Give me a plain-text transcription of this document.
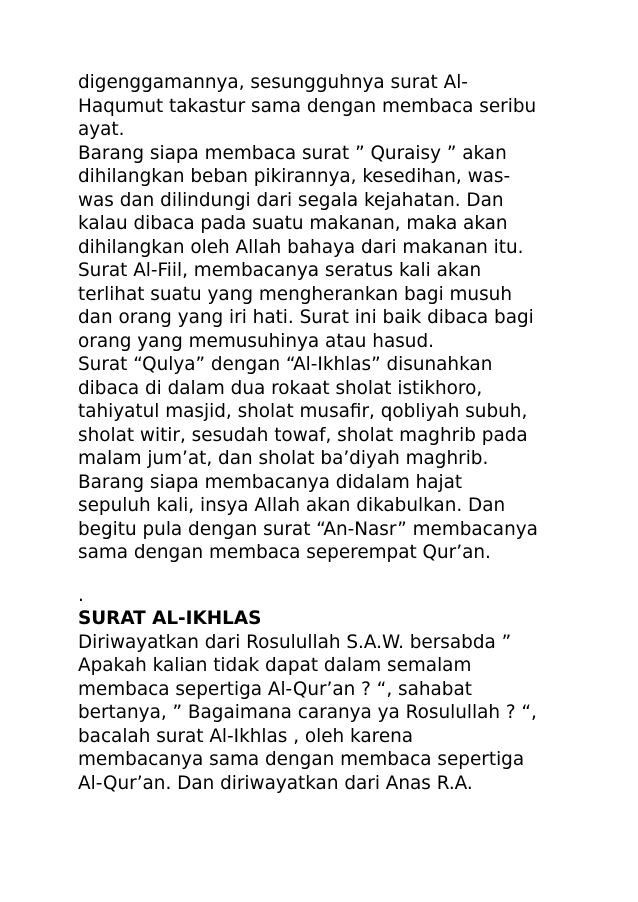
digenggamannya, sesungguhnya surat Al-
Haqumut takastur sama dengan membaca seribu
ayat.
Barang siapa membaca surat ” Quraisy ” akan
dihilangkan beban pikirannya, kesedihan, was-
was dan dilindungi dari segala kejahatan. Dan
kalau dibaca pada suatu makanan, maka akan
dihilangkan oleh Allah bahaya dari makanan itu.
Surat Al-Fiil, membacanya seratus kali akan
terlihat suatu yang mengherankan bagi musuh
dan orang yang iri hati. Surat ini baik dibaca bagi
orang yang memusuhinya atau hasud.
Surat “Qulya” dengan “Al-Ikhlas” disunahkan
dibaca di dalam dua rokaat sholat istikhoro,
tahiyatul masjid, sholat musafir, qobliyah subuh,
sholat witir, sesudah towaf, sholat maghrib pada
malam jum’at, dan sholat ba’diyah maghrib.
Barang siapa membacanya didalam hajat
sepuluh kali, insya Allah akan dikabulkan. Dan
begitu pula dengan surat “An-Nasr” membacanya
sama dengan membaca seperempat Qur’an.
.
SURAT AL-IKHLAS
Diriwayatkan dari Rosulullah S.A.W. bersabda ”
Apakah kalian tidak dapat dalam semalam
membaca sepertiga Al-Qur’an ? “, sahabat
bertanya, ” Bagaimana caranya ya Rosulullah ? “,
bacalah surat Al-Ikhlas , oleh karena
membacanya sama dengan membaca sepertiga
Al-Qur’an. Dan diriwayatkan dari Anas R.A.
